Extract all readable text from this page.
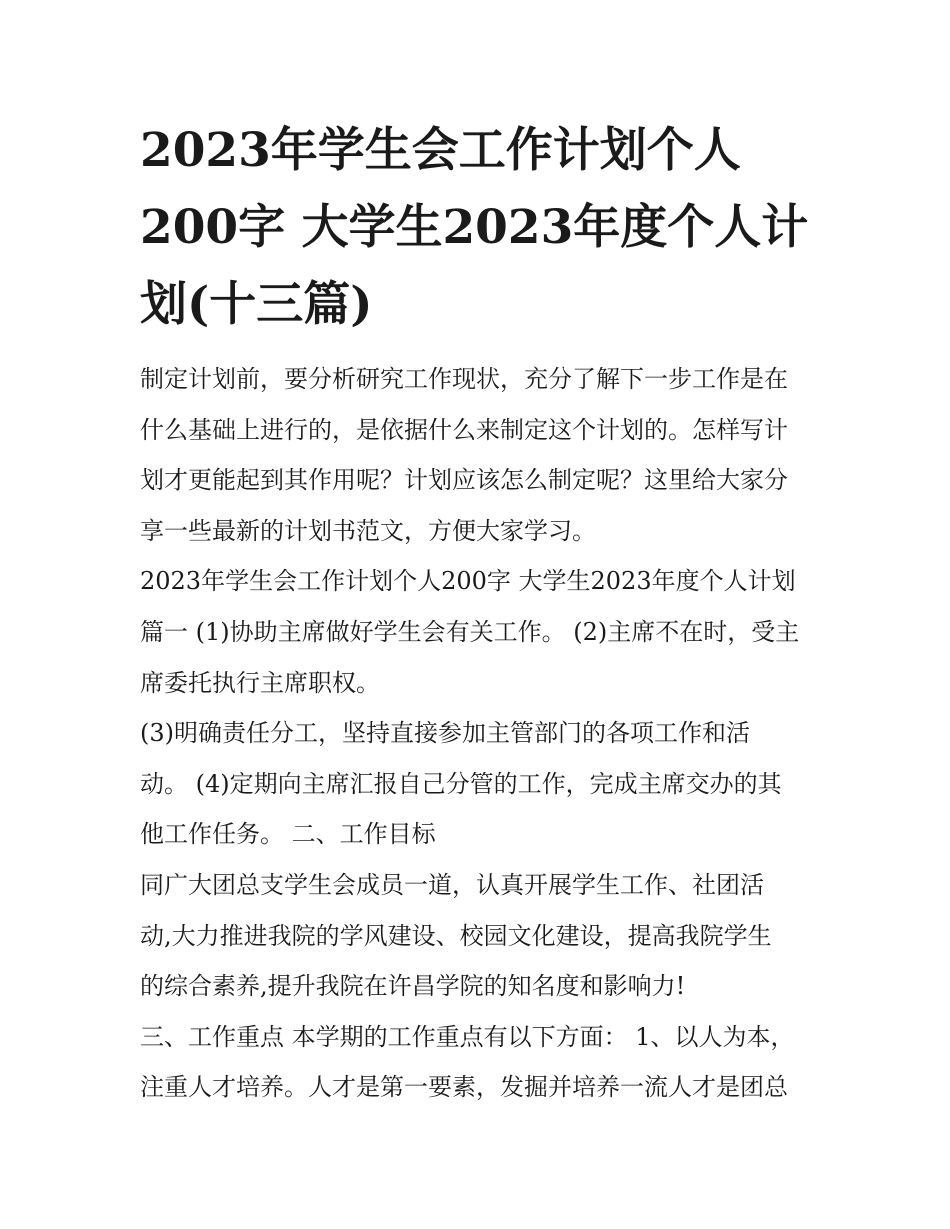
2023年学生会工作计划个人
200字 大学生2023年度个人计
划(十三篇)
制定计划前，要分析研究工作现状，充分了解下一步工作是在
什么基础上进行的，是依据什么来制定这个计划的。怎样写计
划才更能起到其作用呢？计划应该怎么制定呢？这里给大家分
享一些最新的计划书范文，方便大家学习。
2023年学生会工作计划个人200字 大学生2023年度个人计划
篇一 (1)协助主席做好学生会有关工作。 (2)主席不在时，受主
席委托执行主席职权。
(3)明确责任分工，坚持直接参加主管部门的各项工作和活
动。 (4)定期向主席汇报自己分管的工作，完成主席交办的其
他工作任务。 二、工作目标
同广大团总支学生会成员一道，认真开展学生工作、社团活
动,大力推进我院的学风建设、校园文化建设，提高我院学生
的综合素养,提升我院在许昌学院的知名度和影响力!
三、工作重点 本学期的工作重点有以下方面： 1、以人为本，
注重人才培养。人才是第一要素，发掘并培养一流人才是团总
